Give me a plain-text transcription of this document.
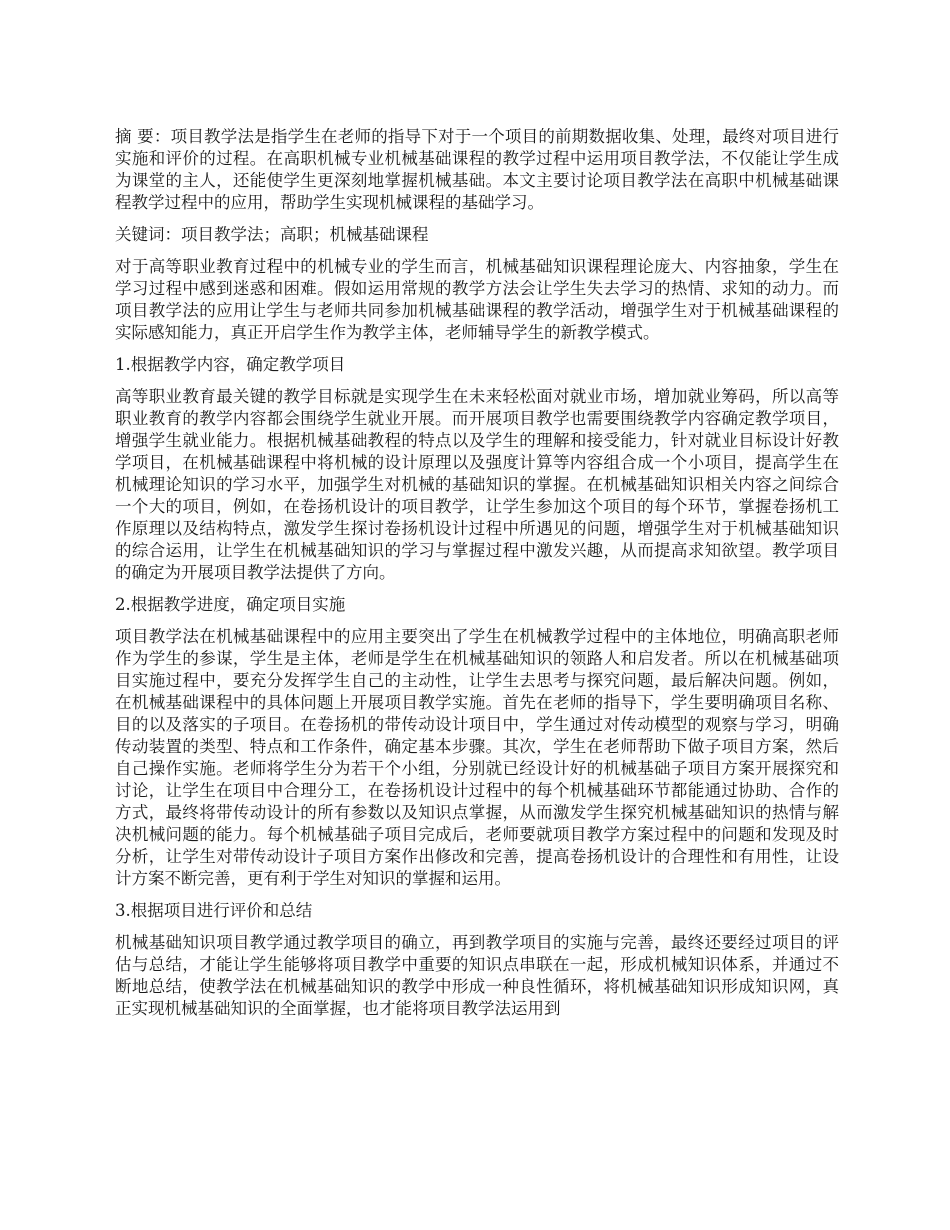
摘 要：项目教学法是指学生在老师的指导下对于一个项目的前期数据收集、处理，最终对项目进行实施和评价的过程。在高职机械专业机械基础课程的教学过程中运用项目教学法，不仅能让学生成为课堂的主人，还能使学生更深刻地掌握机械基础。本文主要讨论项目教学法在高职中机械基础课程教学过程中的应用，帮助学生实现机械课程的基础学习。

关键词：项目教学法；高职；机械基础课程

对于高等职业教育过程中的机械专业的学生而言，机械基础知识课程理论庞大、内容抽象，学生在学习过程中感到迷惑和困难。假如运用常规的教学方法会让学生失去学习的热情、求知的动力。而项目教学法的应用让学生与老师共同参加机械基础课程的教学活动，增强学生对于机械基础课程的实际感知能力，真正开启学生作为教学主体，老师辅导学生的新教学模式。

1.根据教学内容，确定教学项目

高等职业教育最关键的教学目标就是实现学生在未来轻松面对就业市场，增加就业筹码，所以高等职业教育的教学内容都会围绕学生就业开展。而开展项目教学也需要围绕教学内容确定教学项目，增强学生就业能力。根据机械基础教程的特点以及学生的理解和接受能力，针对就业目标设计好教学项目，在机械基础课程中将机械的设计原理以及强度计算等内容组合成一个小项目，提高学生在机械理论知识的学习水平，加强学生对机械的基础知识的掌握。在机械基础知识相关内容之间综合一个大的项目，例如，在卷扬机设计的项目教学，让学生参加这个项目的每个环节，掌握卷扬机工作原理以及结构特点，激发学生探讨卷扬机设计过程中所遇见的问题，增强学生对于机械基础知识的综合运用，让学生在机械基础知识的学习与掌握过程中激发兴趣，从而提高求知欲望。教学项目的确定为开展项目教学法提供了方向。

2.根据教学进度，确定项目实施

项目教学法在机械基础课程中的应用主要突出了学生在机械教学过程中的主体地位，明确高职老师作为学生的参谋，学生是主体，老师是学生在机械基础知识的领路人和启发者。所以在机械基础项目实施过程中，要充分发挥学生自己的主动性，让学生去思考与探究问题，最后解决问题。例如，在机械基础课程中的具体问题上开展项目教学实施。首先在老师的指导下，学生要明确项目名称、目的以及落实的子项目。在卷扬机的带传动设计项目中，学生通过对传动模型的观察与学习，明确传动装置的类型、特点和工作条件，确定基本步骤。其次，学生在老师帮助下做子项目方案，然后自己操作实施。老师将学生分为若干个小组，分别就已经设计好的机械基础子项目方案开展探究和讨论，让学生在项目中合理分工，在卷扬机设计过程中的每个机械基础环节都能通过协助、合作的方式，最终将带传动设计的所有参数以及知识点掌握，从而激发学生探究机械基础知识的热情与解决机械问题的能力。每个机械基础子项目完成后，老师要就项目教学方案过程中的问题和发现及时分析，让学生对带传动设计子项目方案作出修改和完善，提高卷扬机设计的合理性和有用性，让设计方案不断完善，更有利于学生对知识的掌握和运用。

3.根据项目进行评价和总结

机械基础知识项目教学通过教学项目的确立，再到教学项目的实施与完善，最终还要经过项目的评估与总结，才能让学生能够将项目教学中重要的知识点串联在一起，形成机械知识体系，并通过不断地总结，使教学法在机械基础知识的教学中形成一种良性循环，将机械基础知识形成知识网，真正实现机械基础知识的全面掌握，也才能将项目教学法运用到
